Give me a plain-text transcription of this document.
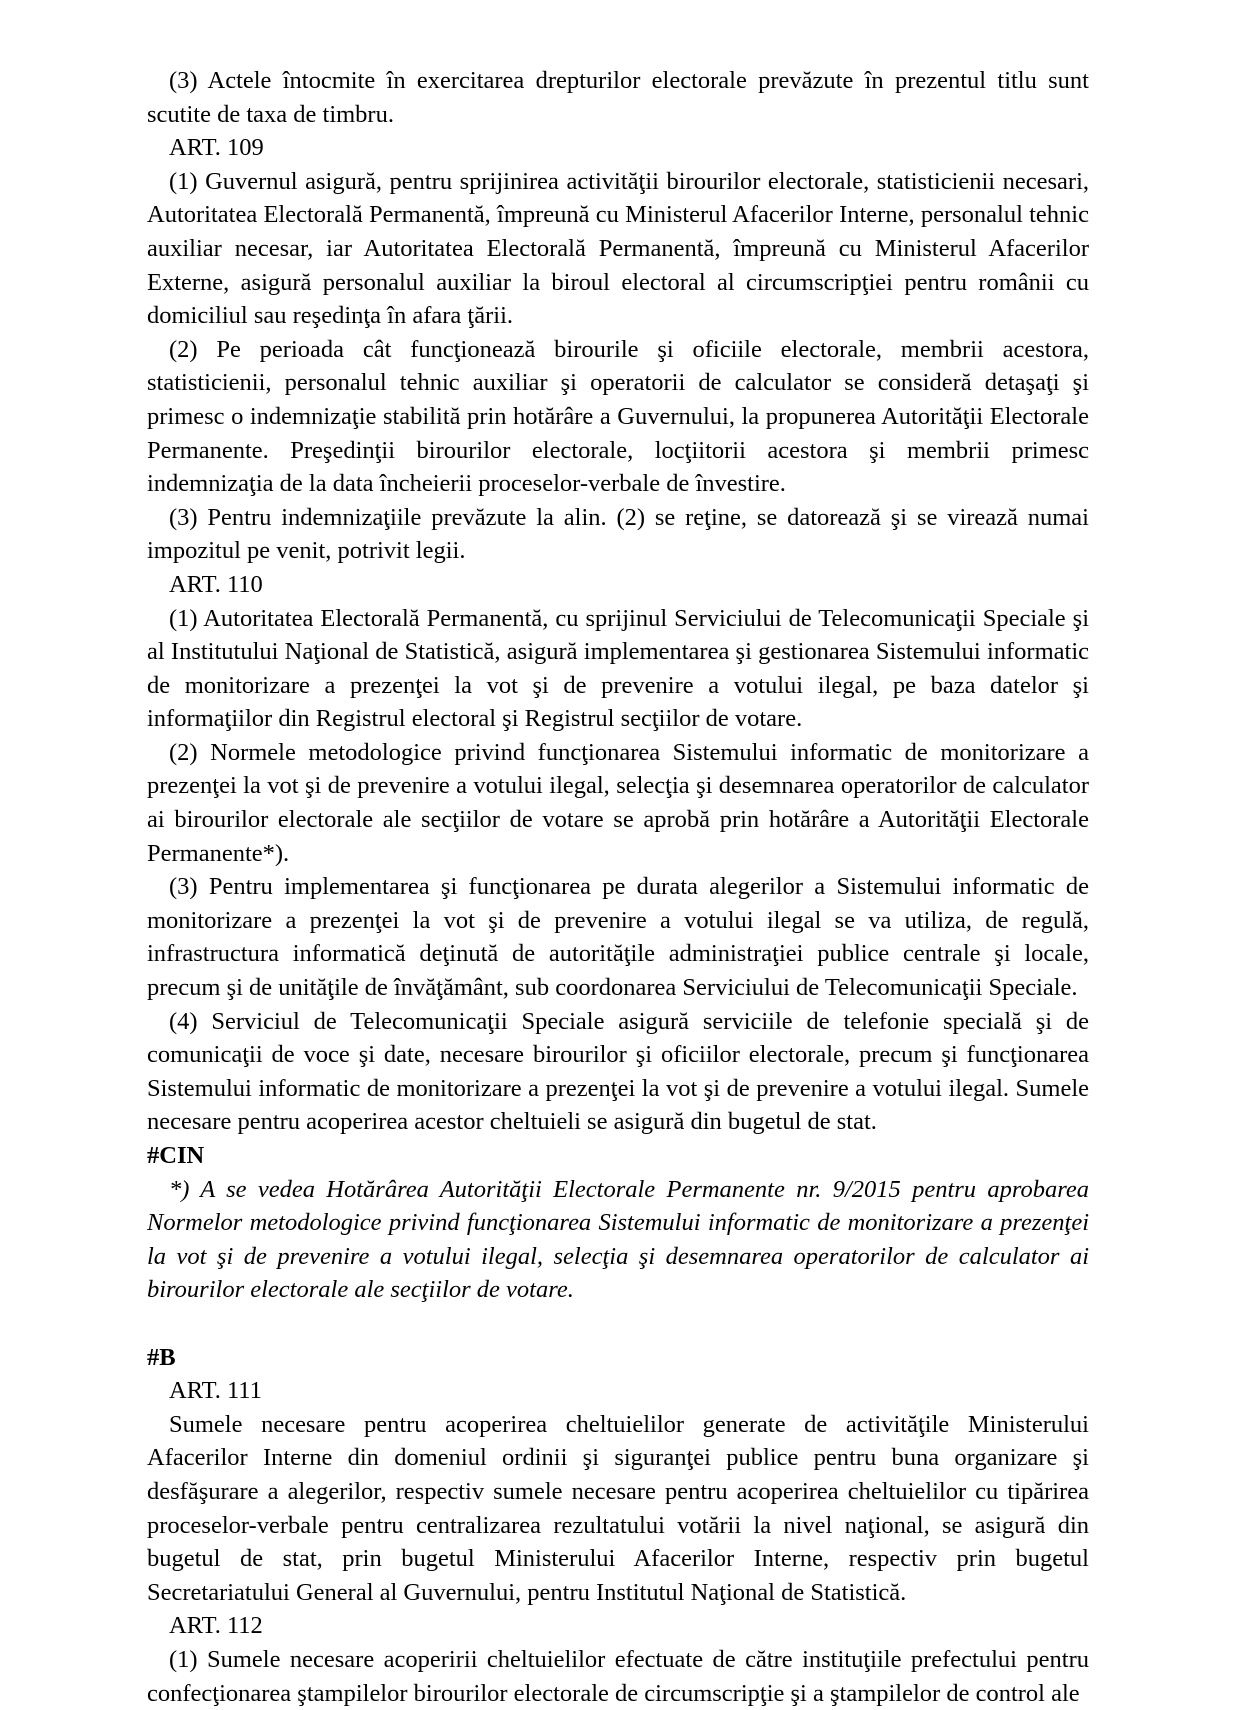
(3) Actele întocmite în exercitarea drepturilor electorale prevăzute în prezentul titlu sunt scutite de taxa de timbru.

ART. 109

(1) Guvernul asigură, pentru sprijinirea activităţii birourilor electorale, statisticienii necesari, Autoritatea Electorală Permanentă, împreună cu Ministerul Afacerilor Interne, personalul tehnic auxiliar necesar, iar Autoritatea Electorală Permanentă, împreună cu Ministerul Afacerilor Externe, asigură personalul auxiliar la biroul electoral al circumscripţiei pentru românii cu domiciliul sau reşedinţa în afara ţării.

(2) Pe perioada cât funcţionează birourile şi oficiile electorale, membrii acestora, statisticienii, personalul tehnic auxiliar şi operatorii de calculator se consideră detaşaţi şi primesc o indemnizaţie stabilită prin hotărâre a Guvernului, la propunerea Autorităţii Electorale Permanente. Preşedinţii birourilor electorale, locţiitorii acestora şi membrii primesc indemnizaţia de la data încheierii proceselor-verbale de învestire.

(3) Pentru indemnizaţiile prevăzute la alin. (2) se reţine, se datorează şi se virează numai impozitul pe venit, potrivit legii.

ART. 110

(1) Autoritatea Electorală Permanentă, cu sprijinul Serviciului de Telecomunicaţii Speciale şi al Institutului Naţional de Statistică, asigură implementarea şi gestionarea Sistemului informatic de monitorizare a prezenţei la vot şi de prevenire a votului ilegal, pe baza datelor şi informaţiilor din Registrul electoral şi Registrul secţiilor de votare.

(2) Normele metodologice privind funcţionarea Sistemului informatic de monitorizare a prezenţei la vot şi de prevenire a votului ilegal, selecţia şi desemnarea operatorilor de calculator ai birourilor electorale ale secţiilor de votare se aprobă prin hotărâre a Autorităţii Electorale Permanente*).

(3) Pentru implementarea şi funcţionarea pe durata alegerilor a Sistemului informatic de monitorizare a prezenţei la vot şi de prevenire a votului ilegal se va utiliza, de regulă, infrastructura informatică deţinută de autorităţile administraţiei publice centrale şi locale, precum şi de unităţile de învăţământ, sub coordonarea Serviciului de Telecomunicaţii Speciale.

(4) Serviciul de Telecomunicaţii Speciale asigură serviciile de telefonie specială şi de comunicaţii de voce şi date, necesare birourilor şi oficiilor electorale, precum şi funcţionarea Sistemului informatic de monitorizare a prezenţei la vot şi de prevenire a votului ilegal. Sumele necesare pentru acoperirea acestor cheltuieli se asigură din bugetul de stat.

#CIN

*) A se vedea Hotărârea Autorităţii Electorale Permanente nr. 9/2015 pentru aprobarea Normelor metodologice privind funcţionarea Sistemului informatic de monitorizare a prezenţei la vot şi de prevenire a votului ilegal, selecţia şi desemnarea operatorilor de calculator ai birourilor electorale ale secţiilor de votare.

#B

ART. 111

Sumele necesare pentru acoperirea cheltuielilor generate de activităţile Ministerului Afacerilor Interne din domeniul ordinii şi siguranţei publice pentru buna organizare şi desfăşurare a alegerilor, respectiv sumele necesare pentru acoperirea cheltuielilor cu tipărirea proceselor-verbale pentru centralizarea rezultatului votării la nivel naţional, se asigură din bugetul de stat, prin bugetul Ministerului Afacerilor Interne, respectiv prin bugetul Secretariatului General al Guvernului, pentru Institutul Naţional de Statistică.

ART. 112

(1) Sumele necesare acoperirii cheltuielilor efectuate de către instituţiile prefectului pentru confecţionarea ştampilelor birourilor electorale de circumscripţie şi a ştampilelor de control ale
